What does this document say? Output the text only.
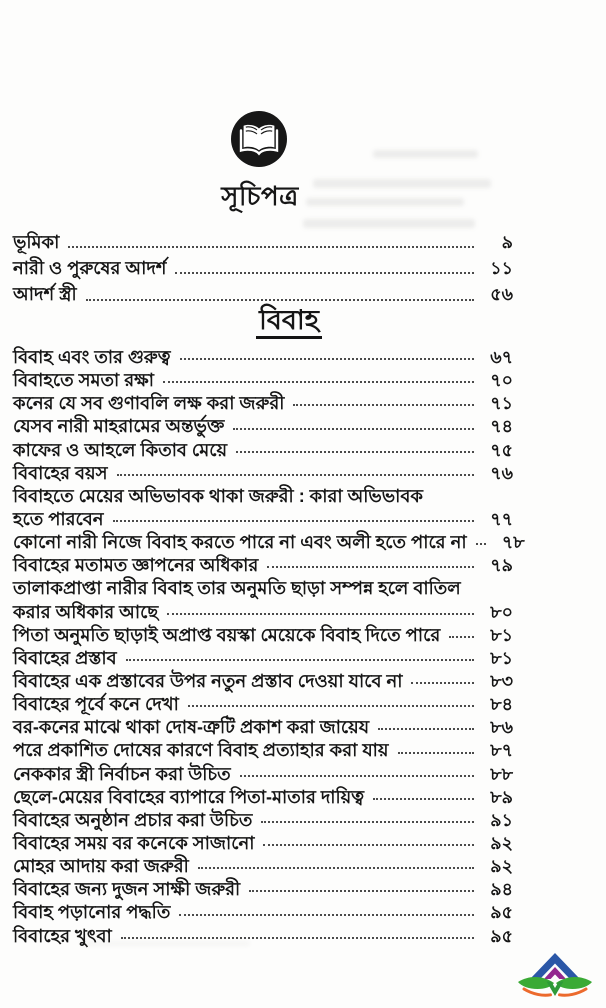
সূচিপত্র
ভূমিকা	৯
নারী ও পুরুষের আদর্শ	১১
আদর্শ স্ত্রী	৫৬
বিবাহ
বিবাহ এবং তার গুরুত্ব	৬৭
বিবাহতে সমতা রক্ষা	৭০
কনের যে সব গুণাবলি লক্ষ করা জরুরী	৭১
যেসব নারী মাহরামের অন্তর্ভুক্ত	৭৪
কাফের ও আহলে কিতাব মেয়ে	৭৫
বিবাহের বয়স	৭৬
বিবাহতে মেয়ের অভিভাবক থাকা জরুরী : কারা অভিভাবক
হতে পারবেন	৭৭
কোনো নারী নিজে বিবাহ করতে পারে না এবং অলী হতে পারে না	৭৮
বিবাহের মতামত জ্ঞাপনের অধিকার	৭৯
তালাকপ্রাপ্তা নারীর বিবাহ তার অনুমতি ছাড়া সম্পন্ন হলে বাতিল
করার অধিকার আছে	৮০
পিতা অনুমতি ছাড়াই অপ্রাপ্ত বয়স্কা মেয়েকে বিবাহ দিতে পারে	৮১
বিবাহের প্রস্তাব	৮১
বিবাহের এক প্রস্তাবের উপর নতুন প্রস্তাব দেওয়া যাবে না	৮৩
বিবাহের পূর্বে কনে দেখা	৮৪
বর-কনের মাঝে থাকা দোষ-ত্রুটি প্রকাশ করা জায়েয	৮৬
পরে প্রকাশিত দোষের কারণে বিবাহ প্রত্যাহার করা যায়	৮৭
নেককার স্ত্রী নির্বাচন করা উচিত	৮৮
ছেলে-মেয়ের বিবাহের ব্যাপারে পিতা-মাতার দায়িত্ব	৮৯
বিবাহের অনুষ্ঠান প্রচার করা উচিত	৯১
বিবাহের সময় বর কনেকে সাজানো	৯২
মোহর আদায় করা জরুরী	৯২
বিবাহের জন্য দুজন সাক্ষী জরুরী	৯৪
বিবাহ পড়ানোর পদ্ধতি	৯৫
বিবাহের খুৎবা	৯৫
